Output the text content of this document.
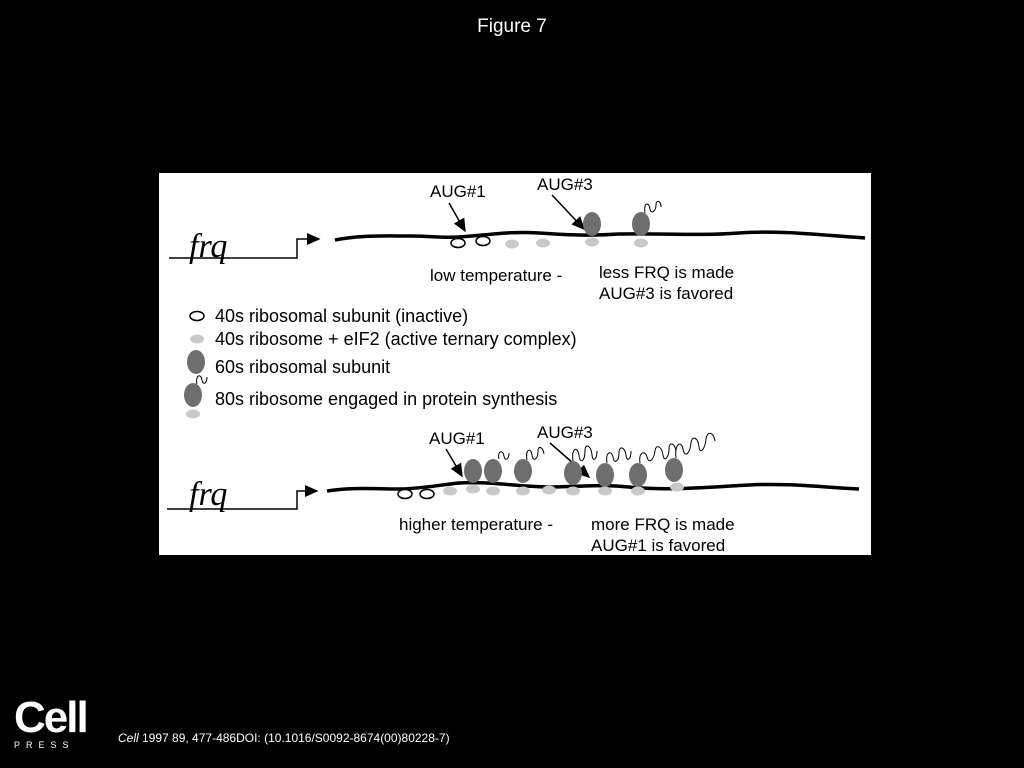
Figure 7
frq
AUG#1	AUG#3
low temperature - less FRQ is made
AUG#3 is favored
40s ribosomal subunit (inactive)
40s ribosome + eIF2 (active ternary complex)
60s ribosomal subunit
80s ribosome engaged in protein synthesis
frq
AUG#1	AUG#3
higher temperature - more FRQ is made
AUG#1 is favored
Cell
PRESS	Cell 1997 89, 477-486DOI: (10.1016/S0092-8674(00)80228-7)
